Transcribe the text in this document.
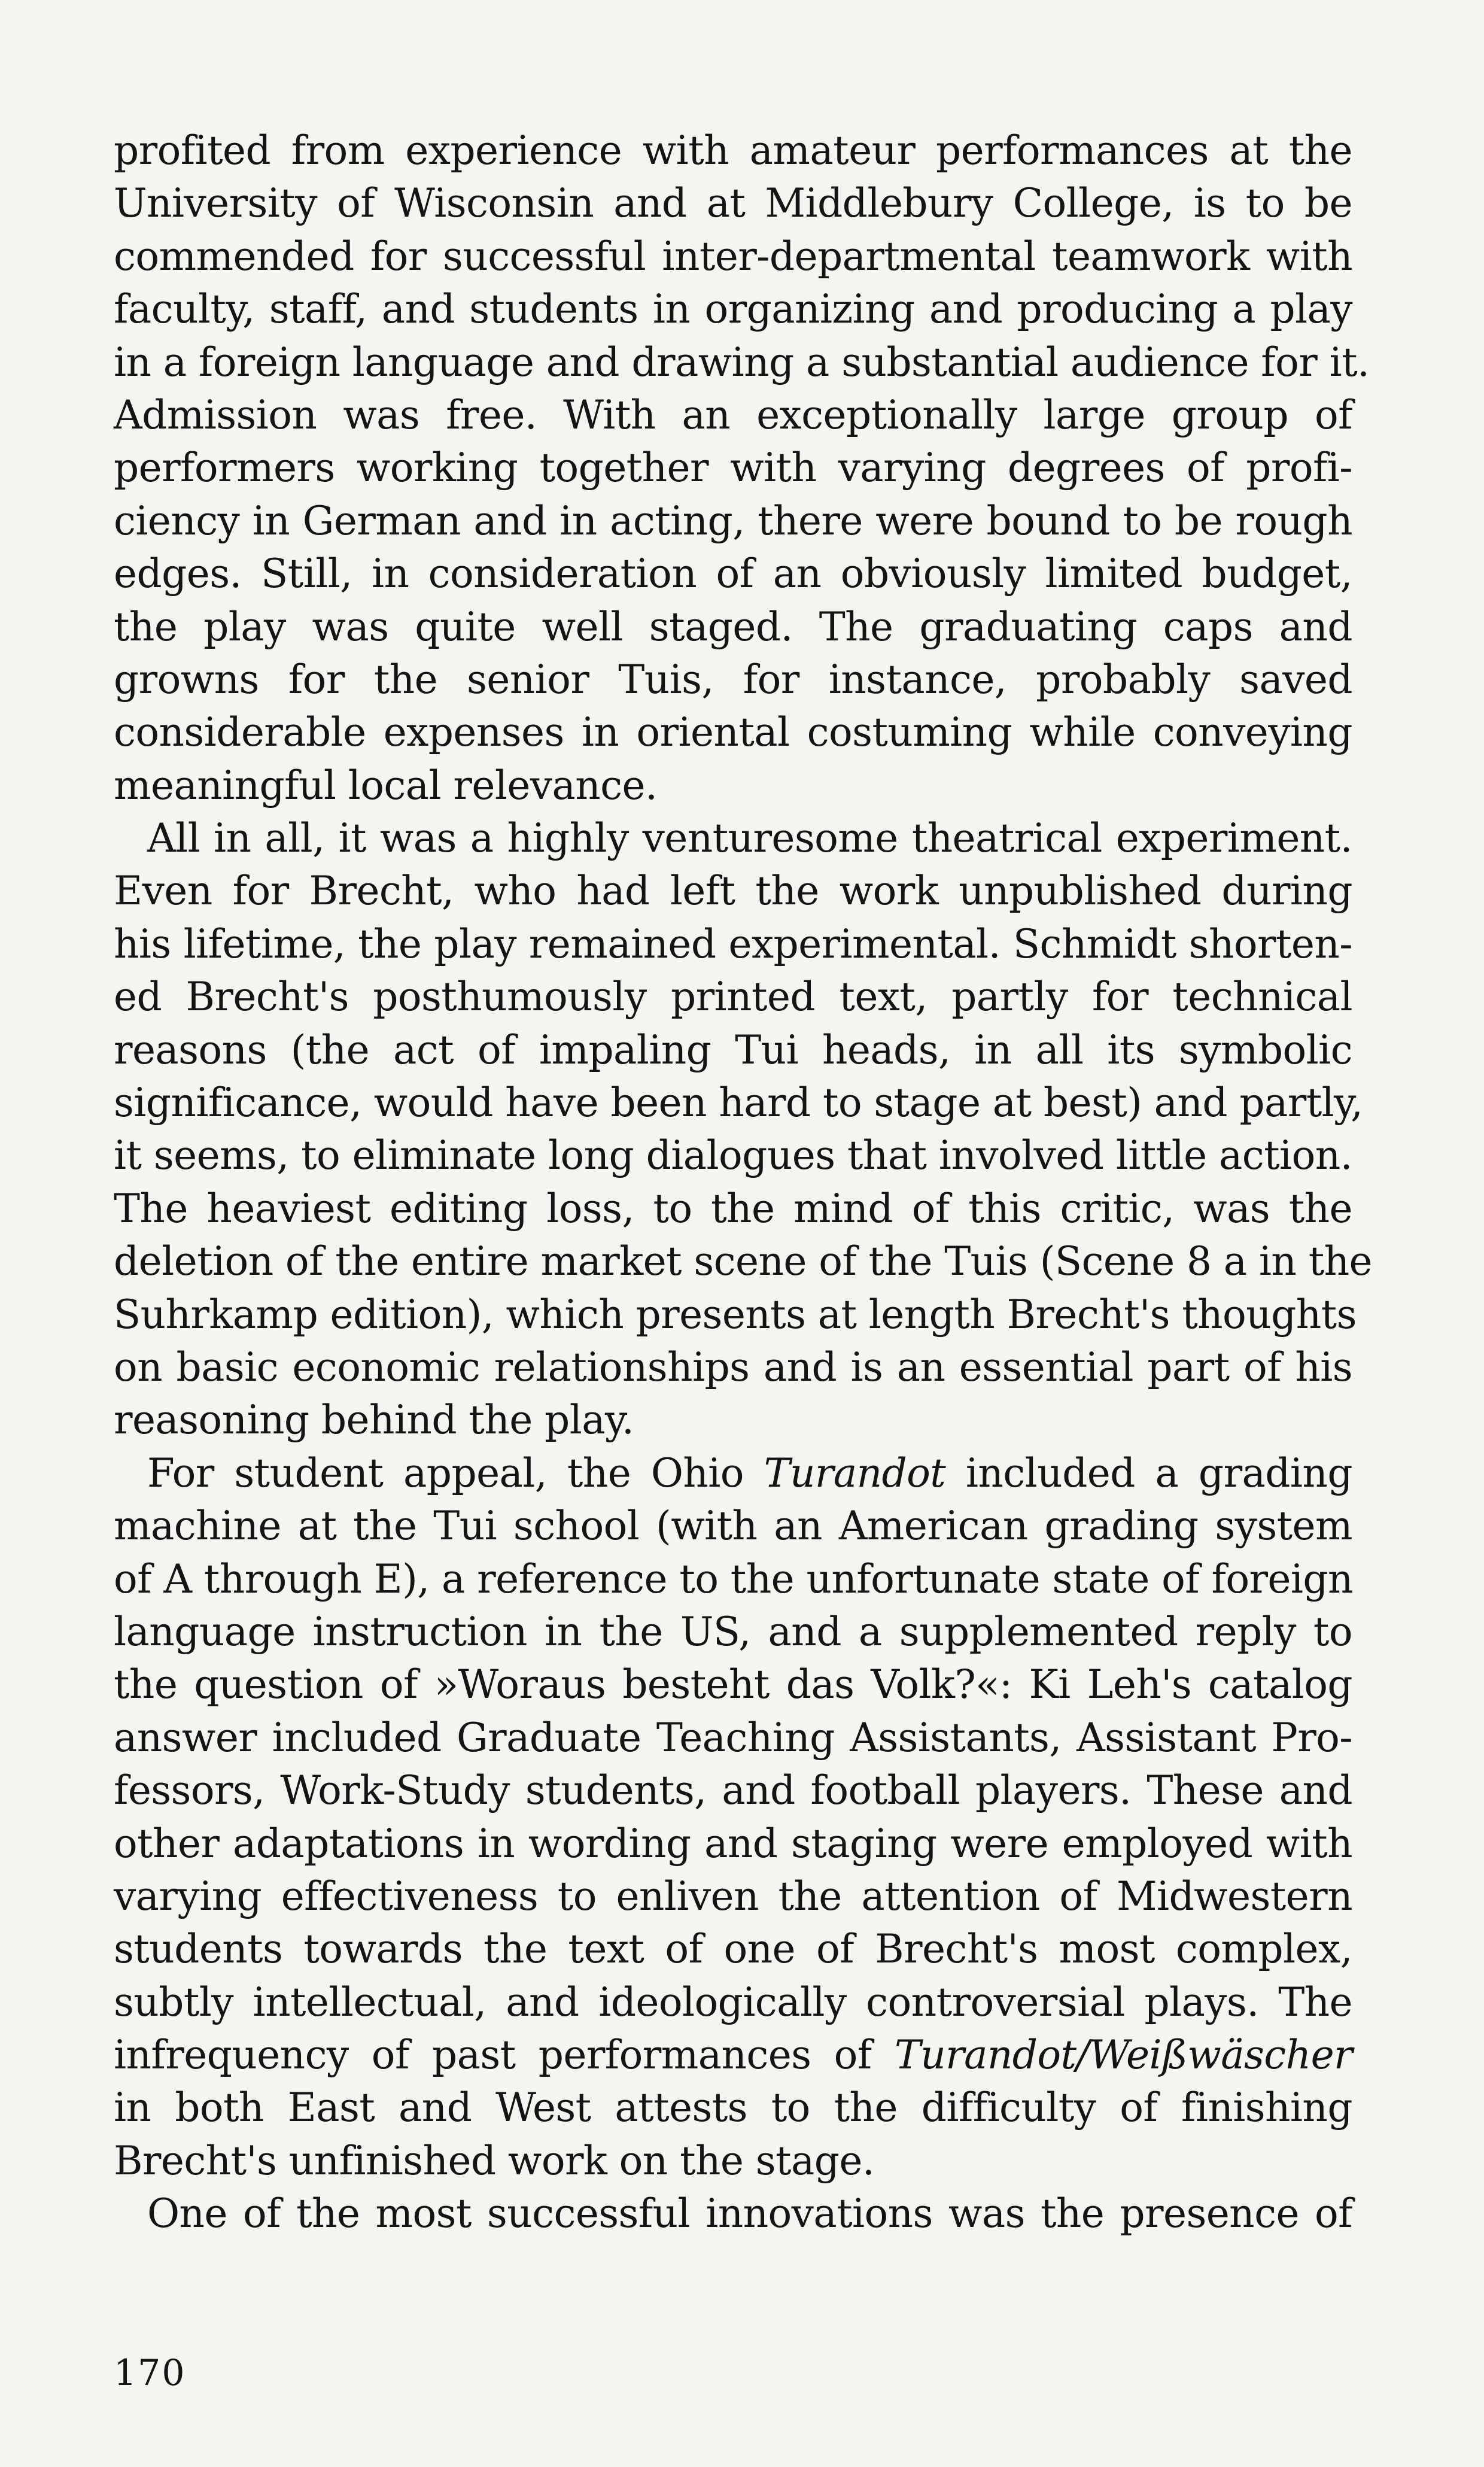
profited from experience with amateur performances at the
University of Wisconsin and at Middlebury College, is to be
commended for successful inter-departmental teamwork with
faculty, staff, and students in organizing and producing a play
in a foreign language and drawing a substantial audience for it.
Admission was free. With an exceptionally large group of
performers working together with varying degrees of profi-
ciency in German and in acting, there were bound to be rough
edges. Still, in consideration of an obviously limited budget,
the play was quite well staged. The graduating caps and
growns for the senior Tuis, for instance, probably saved
considerable expenses in oriental costuming while conveying
meaningful local relevance.
All in all, it was a highly venturesome theatrical experiment.
Even for Brecht, who had left the work unpublished during
his lifetime, the play remained experimental. Schmidt shorten-
ed Brecht's posthumously printed text, partly for technical
reasons (the act of impaling Tui heads, in all its symbolic
significance, would have been hard to stage at best) and partly,
it seems, to eliminate long dialogues that involved little action.
The heaviest editing loss, to the mind of this critic, was the
deletion of the entire market scene of the Tuis (Scene 8 a in the
Suhrkamp edition), which presents at length Brecht's thoughts
on basic economic relationships and is an essential part of his
reasoning behind the play.
For student appeal, the Ohio Turandot included a grading
machine at the Tui school (with an American grading system
of A through E), a reference to the unfortunate state of foreign
language instruction in the US, and a supplemented reply to
the question of »Woraus besteht das Volk?«: Ki Leh's catalog
answer included Graduate Teaching Assistants, Assistant Pro-
fessors, Work-Study students, and football players. These and
other adaptations in wording and staging were employed with
varying effectiveness to enliven the attention of Midwestern
students towards the text of one of Brecht's most complex,
subtly intellectual, and ideologically controversial plays. The
infrequency of past performances of Turandot/Weißwäscher
in both East and West attests to the difficulty of finishing
Brecht's unfinished work on the stage.
One of the most successful innovations was the presence of
170
